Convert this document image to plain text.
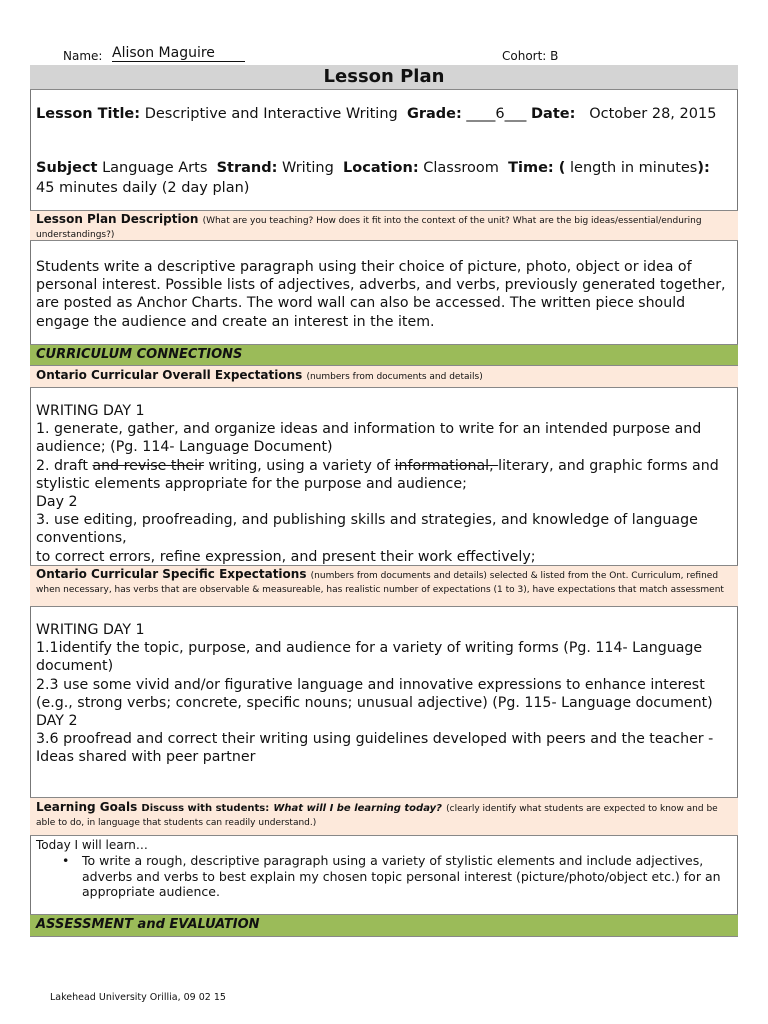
Name: Alison Maguire	Cohort: B
Lesson Plan
Lesson Title: Descriptive and Interactive Writing Grade: ____6___ Date: October 28, 2015
Subject Language Arts Strand: Writing Location: Classroom Time: ( length in minutes):  45 minutes daily (2 day plan)
Lesson Plan Description (What are you teaching? How does it fit into the context of the unit? What are the big ideas/essential/enduring understandings?)
Students write a descriptive paragraph using their choice of picture, photo, object or idea of personal interest. Possible lists of adjectives, adverbs, and verbs, previously generated together, are posted as Anchor Charts. The word wall can also be accessed. The written piece should engage the audience and create an interest in the item.
CURRICULUM CONNECTIONS
Ontario Curricular Overall Expectations (numbers from documents and details)
WRITING DAY 1
1. generate, gather, and organize ideas and information to write for an intended purpose and audience; (Pg. 114- Language Document)
2. draft and revise their writing, using a variety of informational, literary, and graphic forms and stylistic elements appropriate for the purpose and audience;
Day 2
3. use editing, proofreading, and publishing skills and strategies, and knowledge of language conventions,
to correct errors, refine expression, and present their work effectively;
Ontario Curricular Specific Expectations (numbers from documents and details) selected & listed from the Ont. Curriculum, refined when necessary, has verbs that are observable & measureable, has realistic number of expectations (1 to 3), have expectations that match assessment
WRITING DAY 1
1.1identify the topic, purpose, and audience for a variety of writing forms (Pg. 114- Language document)
2.3 use some vivid and/or figurative language and innovative expressions to enhance interest (e.g., strong verbs; concrete, specific nouns; unusual adjective) (Pg. 115- Language document)
DAY 2
3.6 proofread and correct their writing using guidelines developed with peers and the teacher - Ideas shared with peer partner
Learning Goals Discuss with students: What will I be learning today? (clearly identify what students are expected to know and be able to do, in language that students can readily understand.)
Today I will learn…
• To write a rough, descriptive paragraph using a variety of stylistic elements and include adjectives, adverbs and verbs to best explain my chosen topic personal interest (picture/photo/object etc.) for an appropriate audience.
ASSESSMENT and EVALUATION
Lakehead University Orillia, 09 02 15
